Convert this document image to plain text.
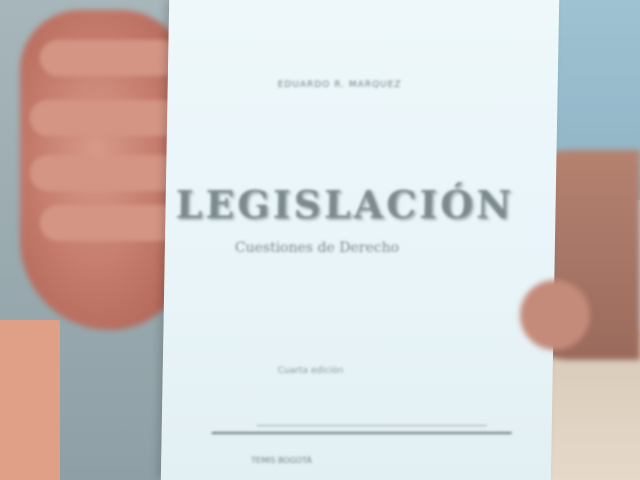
EDUARDO R. MARQUEZ
LEGISLACIÓN
Cuestiones de Derecho
Cuarta edición
TEMIS BOGOTÁ
